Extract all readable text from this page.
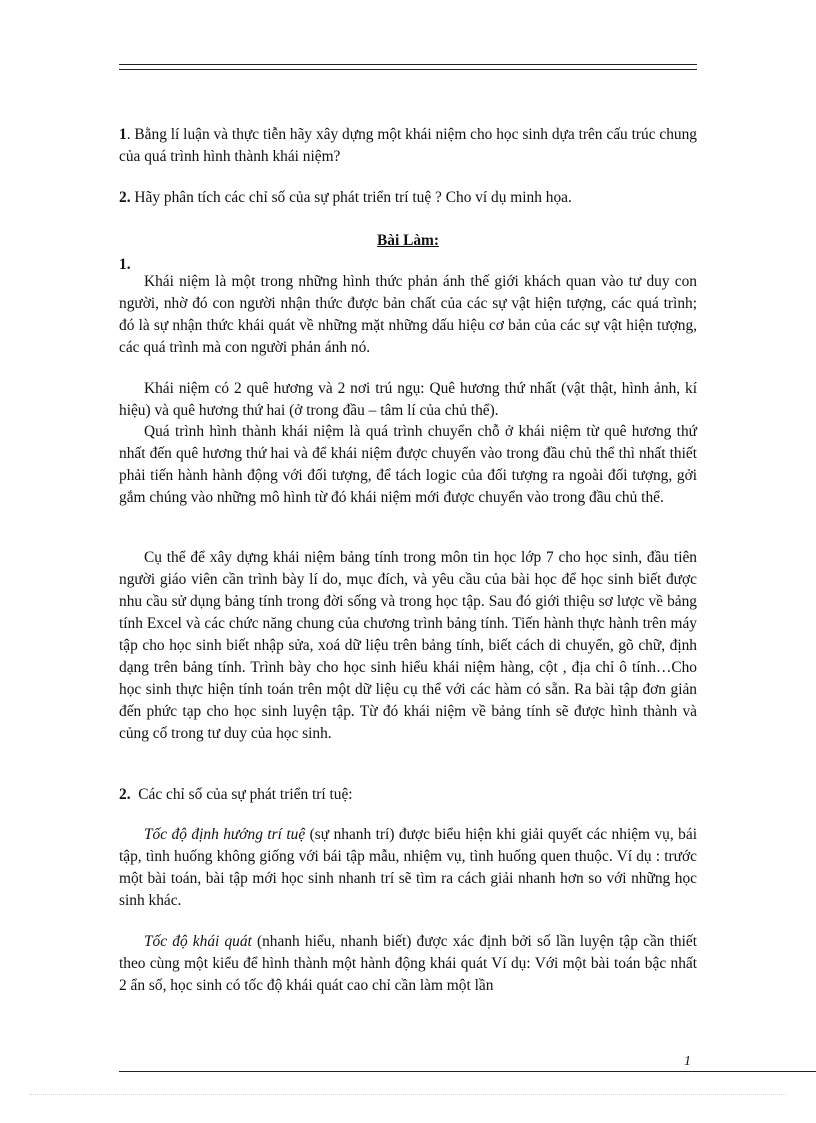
1. Bằng lí luận và thực tiễn hãy xây dựng một khái niệm cho học sinh dựa trên cấu trúc chung của quá trình hình thành khái niệm?

2. Hãy phân tích các chỉ số của sự phát triển trí tuệ ? Cho ví dụ minh họa.

Bài Làm:

1.

Khái niệm là một trong những hình thức phản ánh thế giới khách quan vào tư duy con người, nhờ đó con người nhận thức được bản chất của các sự vật hiện tượng, các quá trình; đó là sự nhận thức khái quát về những mặt những dấu hiệu cơ bản của các sự vật hiện tượng, các quá trình mà con người phản ánh nó.

Khái niệm có 2 quê hương và 2 nơi trú ngụ: Quê hương thứ nhất (vật thật, hình ảnh, kí hiệu) và quê hương thứ hai (ở trong đầu – tâm lí của chủ thể).

Quá trình hình thành khái niệm là quá trình chuyển chỗ ở khái niệm từ quê hương thứ nhất đến quê hương thứ hai và để khái niệm được chuyển vào trong đầu chủ thể thì nhất thiết phải tiến hành hành động với đối tượng, để tách logic của đối tượng ra ngoài đối tượng, gởi gắm chúng vào những mô hình từ đó khái niệm mới được chuyển vào trong đầu chủ thể.

Cụ thể để xây dựng khái niệm bảng tính trong môn tin học lớp 7 cho học sinh, đầu tiên người giáo viên cần trình bày lí do, mục đích, và yêu cầu của bài học để học sinh biết được nhu cầu sử dụng bảng tính trong đời sống và trong học tập. Sau đó giới thiệu sơ lược về bảng tính Excel và các chức năng chung của chương trình bảng tính. Tiến hành thực hành trên máy tập cho học sinh biết nhập sửa, xoá dữ liệu trên bảng tính, biết cách di chuyển, gõ chữ, định dạng trên bảng tính. Trình bày cho học sinh hiểu khái niệm hàng, cột , địa chỉ ô tính…Cho học sinh thực hiện tính toán trên một dữ liệu cụ thể với các hàm có sẵn. Ra bài tập đơn giản đến phức tạp cho học sinh luyện tập. Từ đó khái niệm về bảng tính sẽ được hình thành và củng cố trong tư duy của học sinh.

2.  Các chỉ số của sự phát triển trí tuệ:

Tốc độ định hướng trí tuệ (sự nhanh trí) được biểu hiện khi giải quyết các nhiệm vụ, bái tập, tình huống không giống với bái tập mẫu, nhiệm vụ, tình huống quen thuộc. Ví dụ : trước một bài toán, bài tập mới học sinh nhanh trí sẽ tìm ra cách giải nhanh hơn so với những học sinh khác.

Tốc độ khái quát (nhanh hiểu, nhanh biết) được xác định bởi số lần luyện tập cần thiết theo cùng một kiểu để hình thành một hành động khái quát Ví dụ: Với một bài toán bậc nhất 2 ẩn số, học sinh có tốc độ khái quát cao chỉ cần làm một lần

1
